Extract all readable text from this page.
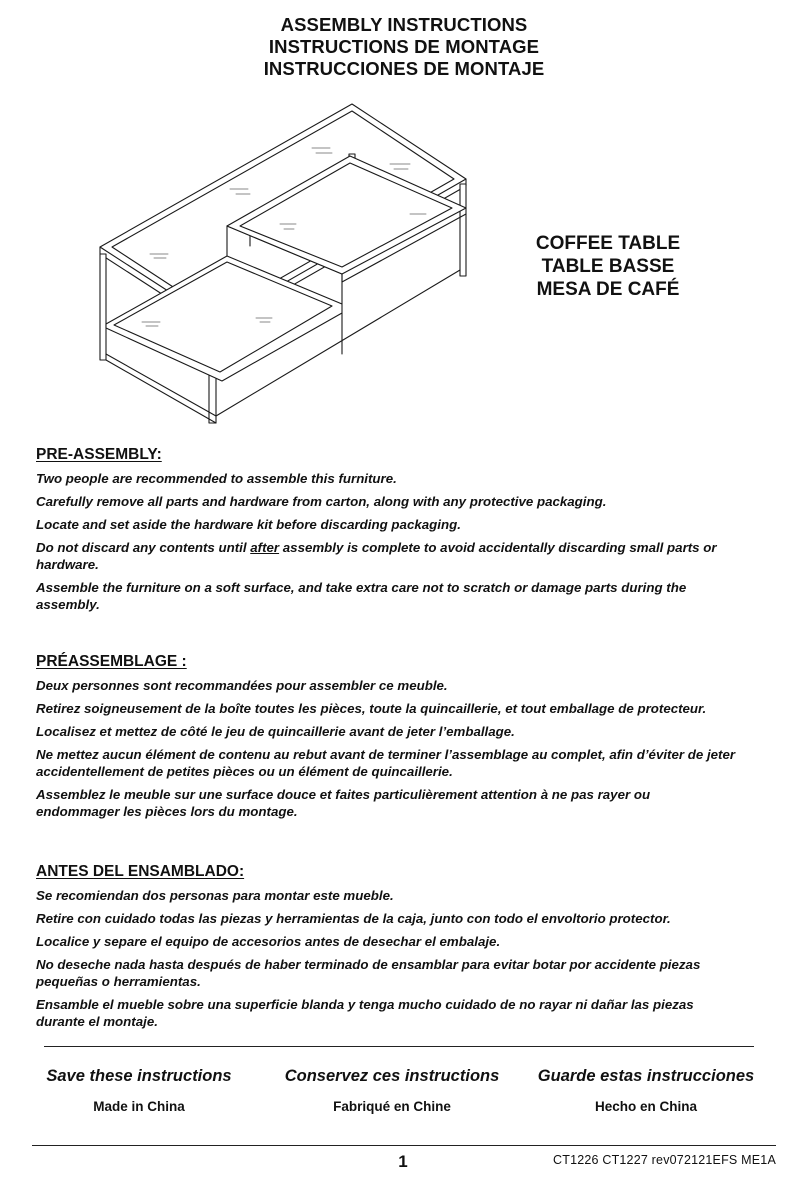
ASSEMBLY INSTRUCTIONS
INSTRUCTIONS DE MONTAGE
INSTRUCCIONES DE MONTAJE
COFFEE TABLE
TABLE BASSE
MESA DE CAFÉ
PRE-ASSEMBLY:

Two people are recommended to assemble this furniture.

Carefully remove all parts and hardware from carton, along with any protective packaging.

Locate and set aside the hardware kit before discarding packaging.

Do not discard any contents until after assembly is complete to avoid accidentally discarding small parts or hardware.

Assemble the furniture on a soft surface, and take extra care not to scratch or damage parts during the assembly.

PRÉASSEMBLAGE :

Deux personnes sont recommandées pour assembler ce meuble.

Retirez soigneusement de la boîte toutes les pièces, toute la quincaillerie, et tout emballage de protecteur.

Localisez et mettez de côté le jeu de quincaillerie avant de jeter l’emballage.

Ne mettez aucun élément de contenu au rebut avant de terminer l’assemblage au complet, afin d’éviter de jeter accidentellement de petites pièces ou un élément de quincaillerie.

Assemblez le meuble sur une surface douce et faites particulièrement attention à ne pas rayer ou endommager les pièces lors du montage.

ANTES DEL ENSAMBLADO:

Se recomiendan dos personas para montar este mueble.

Retire con cuidado todas las piezas y herramientas de la caja, junto con todo el envoltorio protector.

Localice y separe el equipo de accesorios antes de desechar el embalaje.

No deseche nada hasta después de haber terminado de ensamblar para evitar botar por accidente piezas pequeñas o herramientas.

Ensamble el mueble sobre una superficie blanda y tenga mucho cuidado de no rayar ni dañar las piezas durante el montaje.

Save these instructions
Made in China
Conservez ces instructions
Fabriqué en Chine
Guarde estas instrucciones
Hecho en China
1	CT1226 CT1227 rev072121EFS ME1A
